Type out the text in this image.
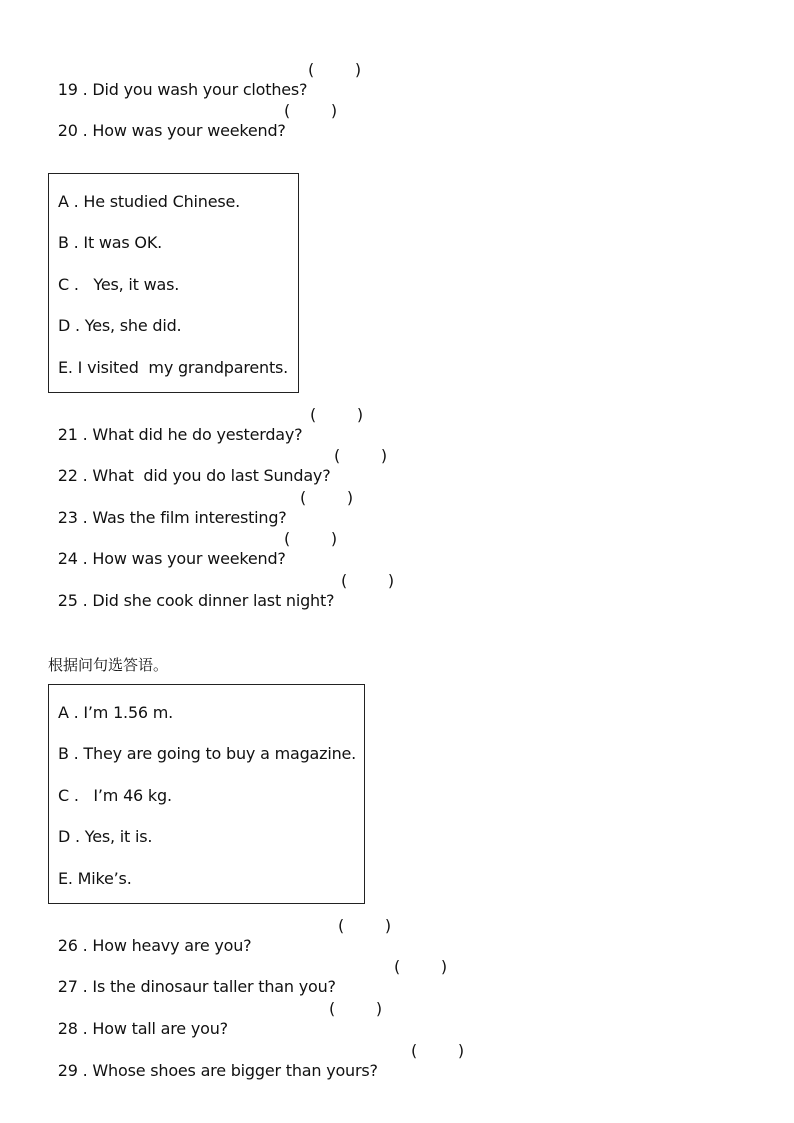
19 . Did you wash your clothes?

(        )

20 . How was your weekend?

(        )
A . He studied Chinese.
B . It was OK.
C .   Yes, it was.
D . Yes, she did.
E. I visited  my grandparents.

21 . What did he do yesterday?

(        )

22 . What  did you do last Sunday?

(        )

23 . Was the film interesting?

(        )

24 . How was your weekend?

(        )

25 . Did she cook dinner last night?

(        )
根据问句选答语。
A . I’m 1.56 m.
B . They are going to buy a magazine.
C .   I’m 46 kg.
D . Yes, it is.
E. Mike’s.

26 . How heavy are you?

(        )

27 . Is the dinosaur taller than you?

(        )

28 . How tall are you?

(        )

29 . Whose shoes are bigger than yours?

(        )
